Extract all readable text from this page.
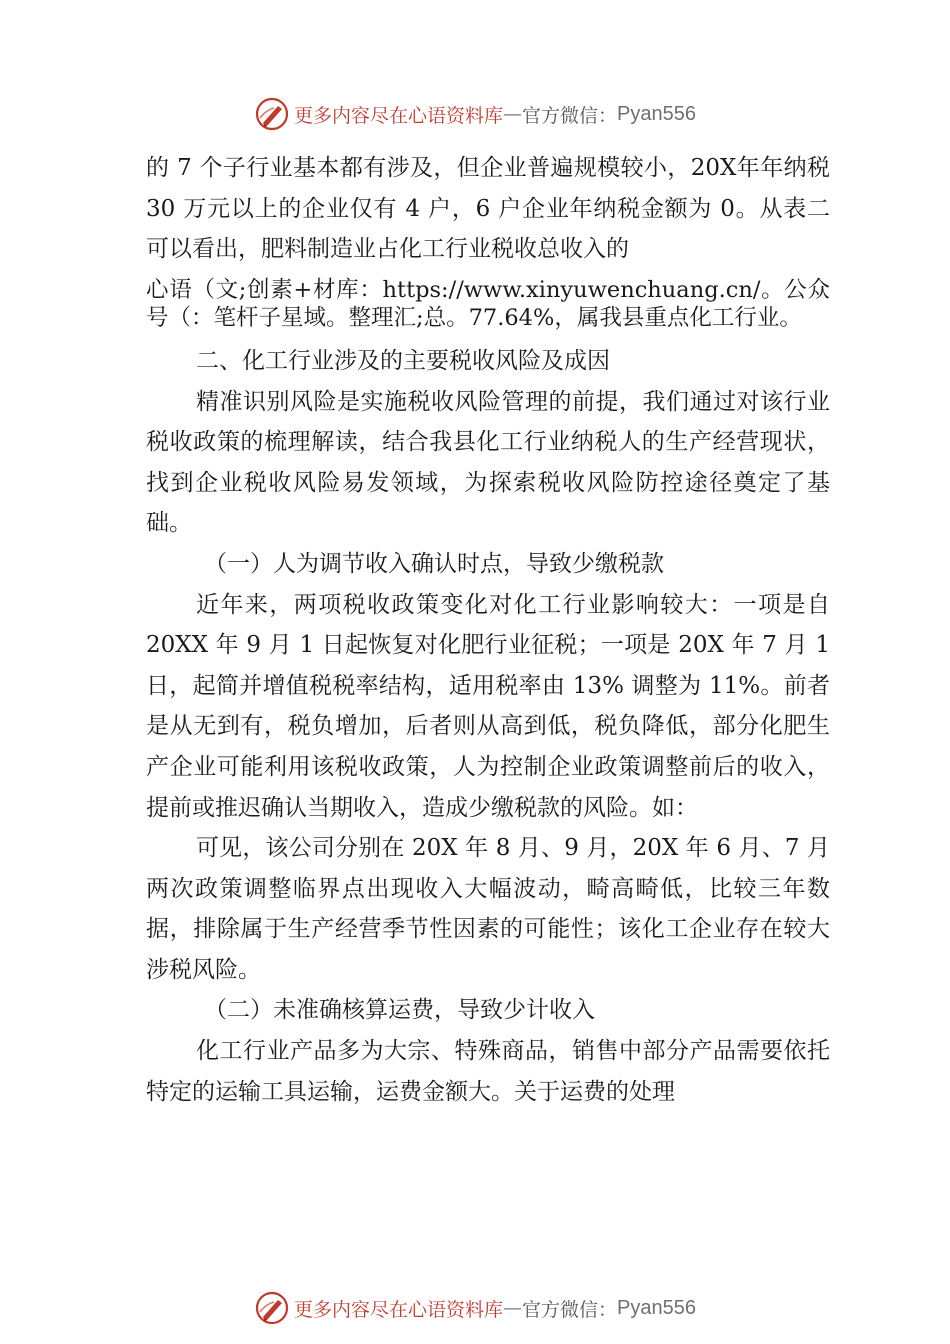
更多内容尽在心语资料库 — 官方微信： Pyan556

的 7 个子行业基本都有涉及，但企业普遍规模较小，20X年年纳税 30 万元以上的企业仅有 4 户，6 户企业年纳税金额为 0。从表二可以看出，肥料制造业占化工行业税收总收入的

心语（文;创素+材库：https://www.xinyuwenchuang.cn/。公众号（：笔杆子星域。整理汇;总。77.64%，属我县重点化工行业。

二、化工行业涉及的主要税收风险及成因

精准识别风险是实施税收风险管理的前提，我们通过对该行业税收政策的梳理解读，结合我县化工行业纳税人的生产经营现状，找到企业税收风险易发领域，为探索税收风险防控途径奠定了基础。

（一）人为调节收入确认时点，导致少缴税款

近年来，两项税收政策变化对化工行业影响较大：一项是自 20XX 年 9 月 1 日起恢复对化肥行业征税；一项是 20X 年 7 月 1 日，起简并增值税税率结构，适用税率由 13% 调整为 11%。前者是从无到有，税负增加，后者则从高到低，税负降低，部分化肥生产企业可能利用该税收政策，人为控制企业政策调整前后的收入，提前或推迟确认当期收入，造成少缴税款的风险。如：

可见，该公司分别在 20X 年 8 月、9 月，20X 年 6 月、7 月两次政策调整临界点出现收入大幅波动，畸高畸低，比较三年数据，排除属于生产经营季节性因素的可能性；该化工企业存在较大涉税风险。

（二）未准确核算运费，导致少计收入

化工行业产品多为大宗、特殊商品，销售中部分产品需要依托特定的运输工具运输，运费金额大。关于运费的处理

更多内容尽在心语资料库 — 官方微信： Pyan556
